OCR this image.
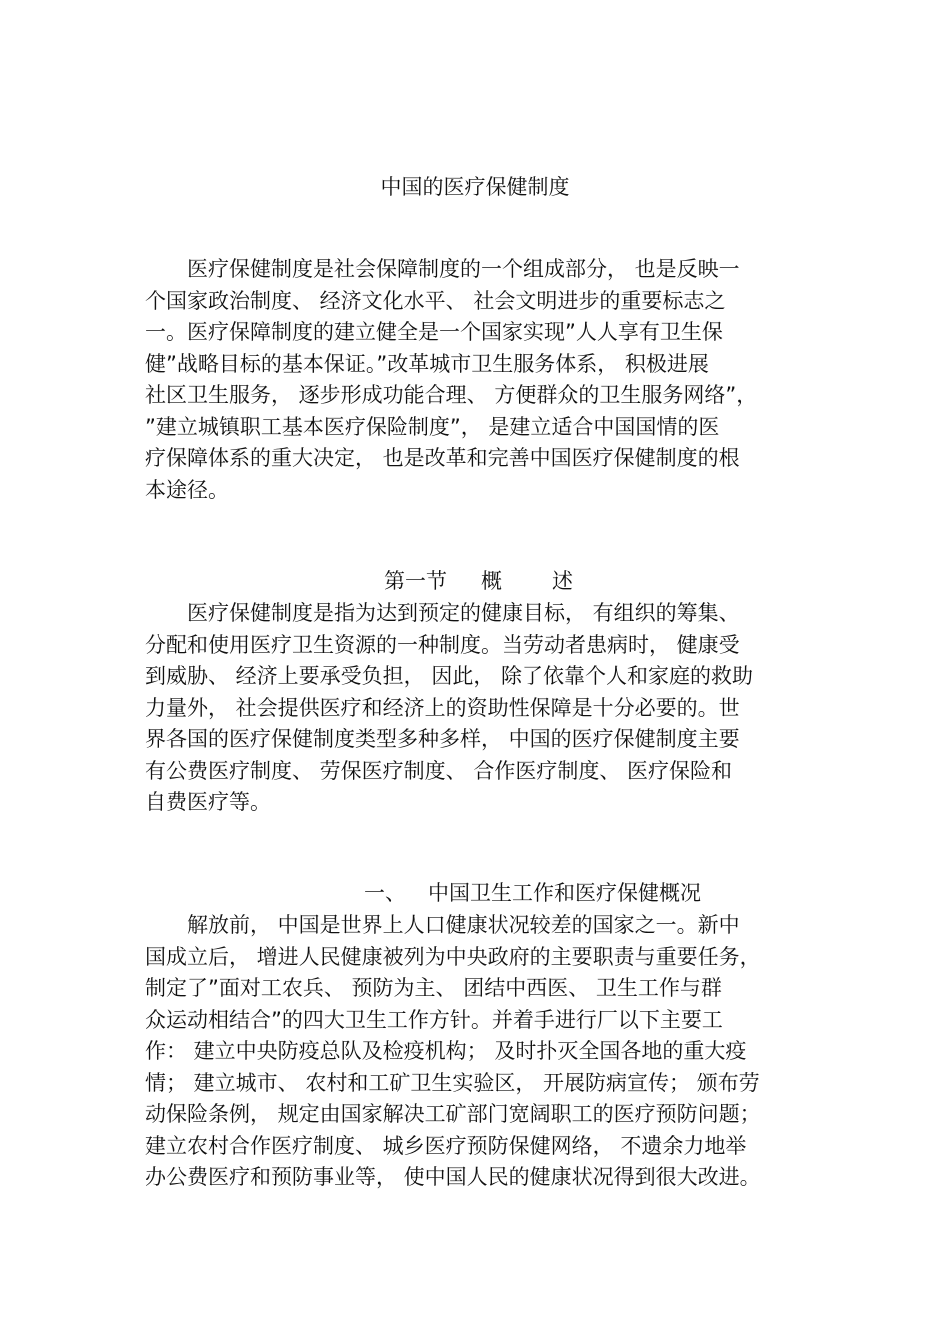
中国的医疗保健制度
　　医疗保健制度是社会保障制度的一个组成部分， 也是反映一
个国家政治制度、 经济文化水平、 社会文明进步的重要标志之
一。医疗保障制度的建立健全是一个国家实现”人人享有卫生保
健”战略目标的基本保证。”改革城市卫生服务体系， 积极进展
社区卫生服务， 逐步形成功能合理、 方便群众的卫生服务网络”，
”建立城镇职工基本医疗保险制度”， 是建立适合中国国情的医
疗保障体系的重大决定， 也是改革和完善中国医疗保健制度的根
本途径。
第一节 概 述
　　医疗保健制度是指为达到预定的健康目标， 有组织的筹集、
分配和使用医疗卫生资源的一种制度。当劳动者患病时， 健康受
到威胁、 经济上要承受负担， 因此， 除了依靠个人和家庭的救助
力量外， 社会提供医疗和经济上的资助性保障是十分必要的。世
界各国的医疗保健制度类型多种多样， 中国的医疗保健制度主要
有公费医疗制度、 劳保医疗制度、 合作医疗制度、 医疗保险和
自费医疗等。
一、 中国卫生工作和医疗保健概况
　　解放前， 中国是世界上人口健康状况较差的国家之一。新中
国成立后， 增进人民健康被列为中央政府的主要职责与重要任务，
制定了”面对工农兵、 预防为主、 团结中西医、 卫生工作与群
众运动相结合”的四大卫生工作方针。并着手进行厂以下主要工
作： 建立中央防疫总队及检疫机构； 及时扑灭全国各地的重大疫
情； 建立城市、 农村和工矿卫生实验区， 开展防病宣传； 颁布劳
动保险条例， 规定由国家解决工矿部门宽阔职工的医疗预防问题；
建立农村合作医疗制度、 城乡医疗预防保健网络， 不遗余力地举
办公费医疗和预防事业等， 使中国人民的健康状况得到很大改进。
